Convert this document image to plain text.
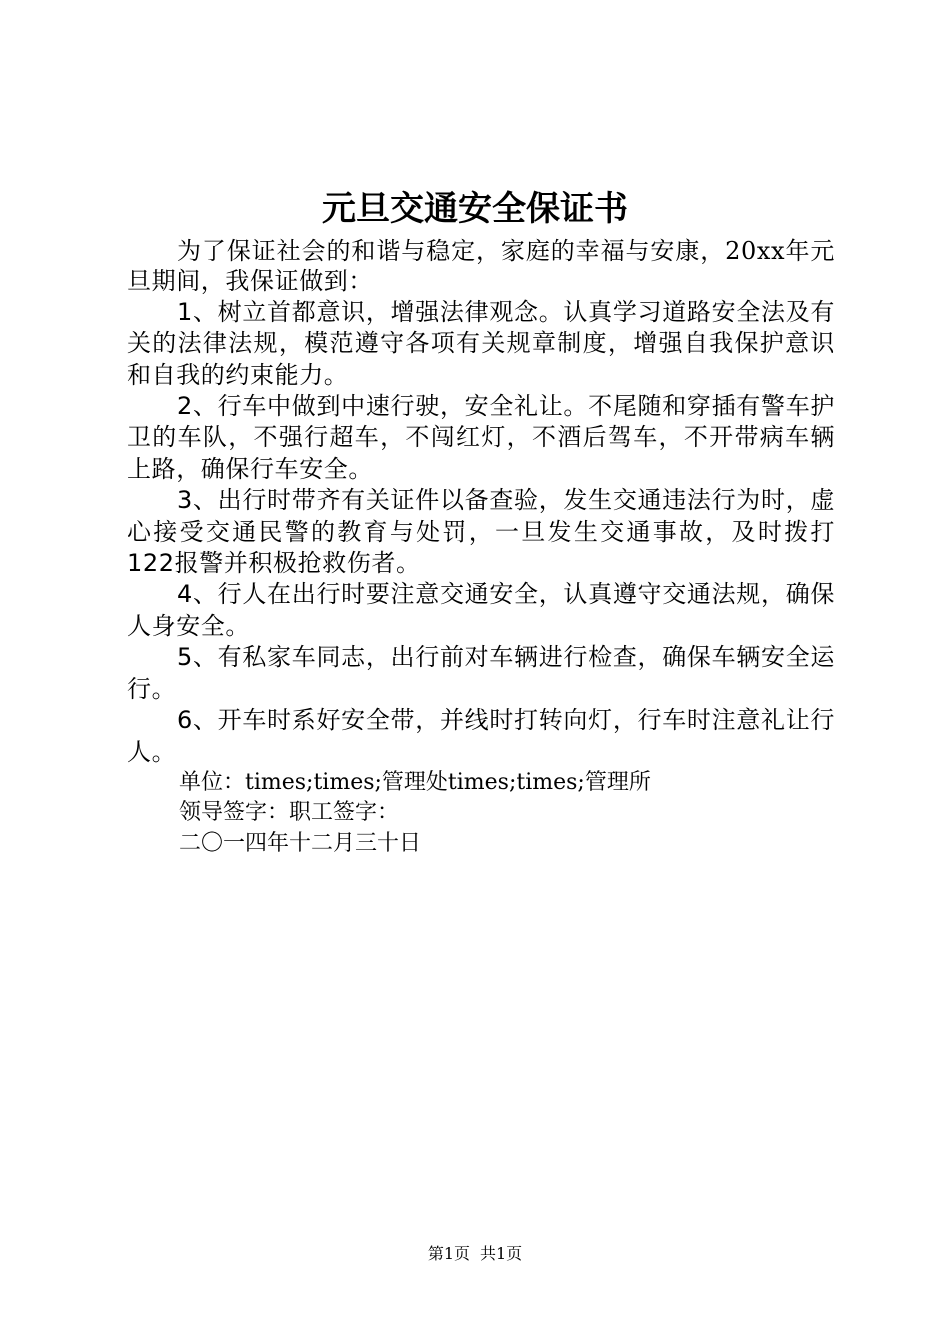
元旦交通安全保证书

为了保证社会的和谐与稳定，家庭的幸福与安康，20xx年元旦期间，我保证做到：

1、树立首都意识，增强法律观念。认真学习道路安全法及有关的法律法规，模范遵守各项有关规章制度，增强自我保护意识和自我的约束能力。

2、行车中做到中速行驶，安全礼让。不尾随和穿插有警车护卫的车队，不强行超车，不闯红灯，不酒后驾车，不开带病车辆上路，确保行车安全。

3、出行时带齐有关证件以备查验，发生交通违法行为时，虚心接受交通民警的教育与处罚，一旦发生交通事故，及时拨打122报警并积极抢救伤者。

4、行人在出行时要注意交通安全，认真遵守交通法规，确保人身安全。

5、有私家车同志，出行前对车辆进行检查，确保车辆安全运行。

6、开车时系好安全带，并线时打转向灯，行车时注意礼让行人。

单位：times;times;管理处times;times;管理所

领导签字：职工签字：

二〇一四年十二月三十日

第1页 共1页
